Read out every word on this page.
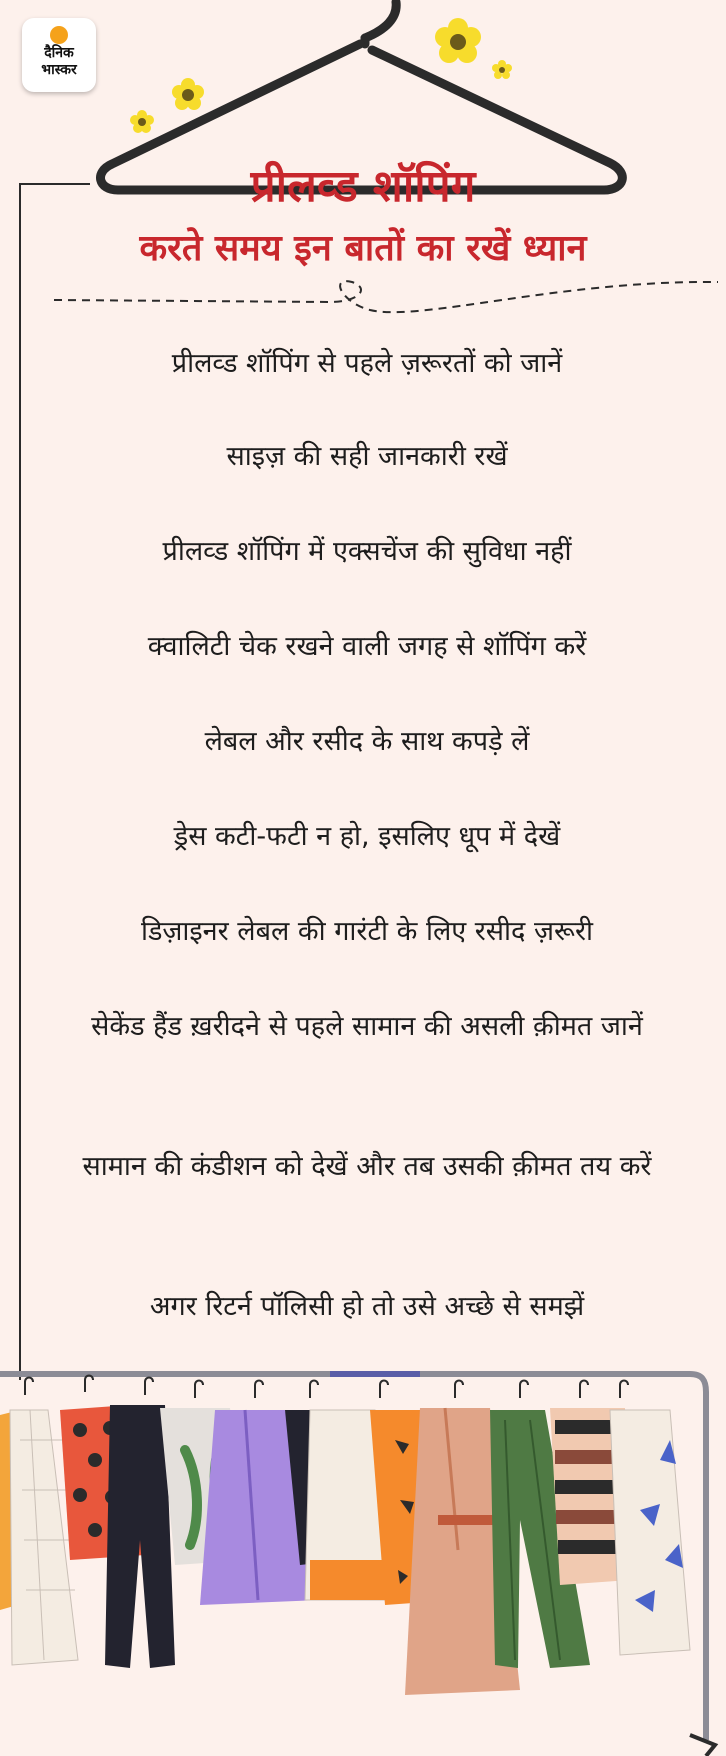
दैनिक
भास्कर
प्रीलव्ड शॉपिंग
करते समय इन बातों का रखें ध्यान
प्रीलव्ड शॉपिंग से पहले ज़रूरतों को जानें
साइज़ की सही जानकारी रखें
प्रीलव्ड शॉपिंग में एक्सचेंज की सुविधा नहीं
क्वालिटी चेक रखने वाली जगह से शॉपिंग करें
लेबल और रसीद के साथ कपड़े लें
ड्रेस कटी-फटी न हो, इसलिए धूप में देखें
डिज़ाइनर लेबल की गारंटी के लिए रसीद ज़रूरी
सेकेंड हैंड ख़रीदने से पहले सामान की असली क़ीमत जानें
सामान की कंडीशन को देखें और तब उसकी क़ीमत तय करें
अगर रिटर्न पॉलिसी हो तो उसे अच्छे से समझें
